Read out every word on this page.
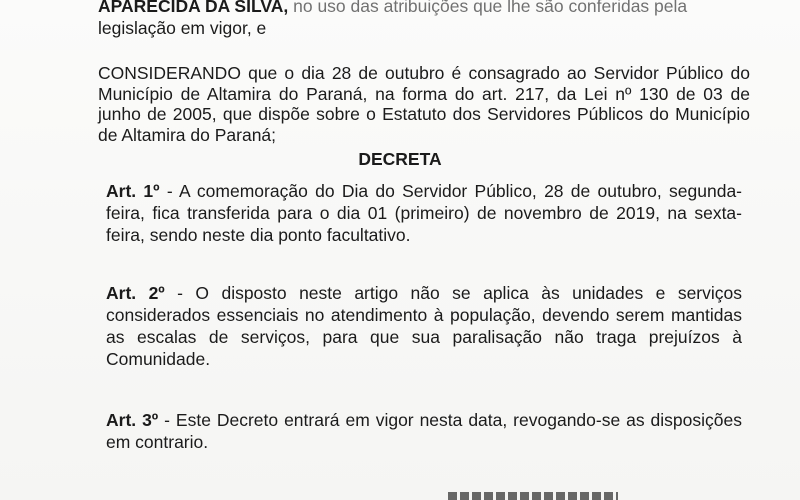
APARECIDA DA SILVA, no uso das atribuições que lhe são conferidas pela

legislação em vigor, e

CONSIDERANDO que o dia 28 de outubro é consagrado ao Servidor Público do Município de Altamira do Paraná, na forma do art. 217, da Lei nº 130 de 03 de junho de 2005, que dispõe sobre o Estatuto dos Servidores Públicos do Município de Altamira do Paraná;

DECRETA

Art. 1º - A comemoração do Dia do Servidor Público, 28 de outubro, segunda-feira, fica transferida para o dia 01 (primeiro) de novembro de 2019, na sexta-feira, sendo neste dia ponto facultativo.

Art. 2º - O disposto neste artigo não se aplica às unidades e serviços considerados essenciais no atendimento à população, devendo serem mantidas as escalas de serviços, para que sua paralisação não traga prejuízos à Comunidade.

Art. 3º - Este Decreto entrará em vigor nesta data, revogando-se as disposições em contrario.
